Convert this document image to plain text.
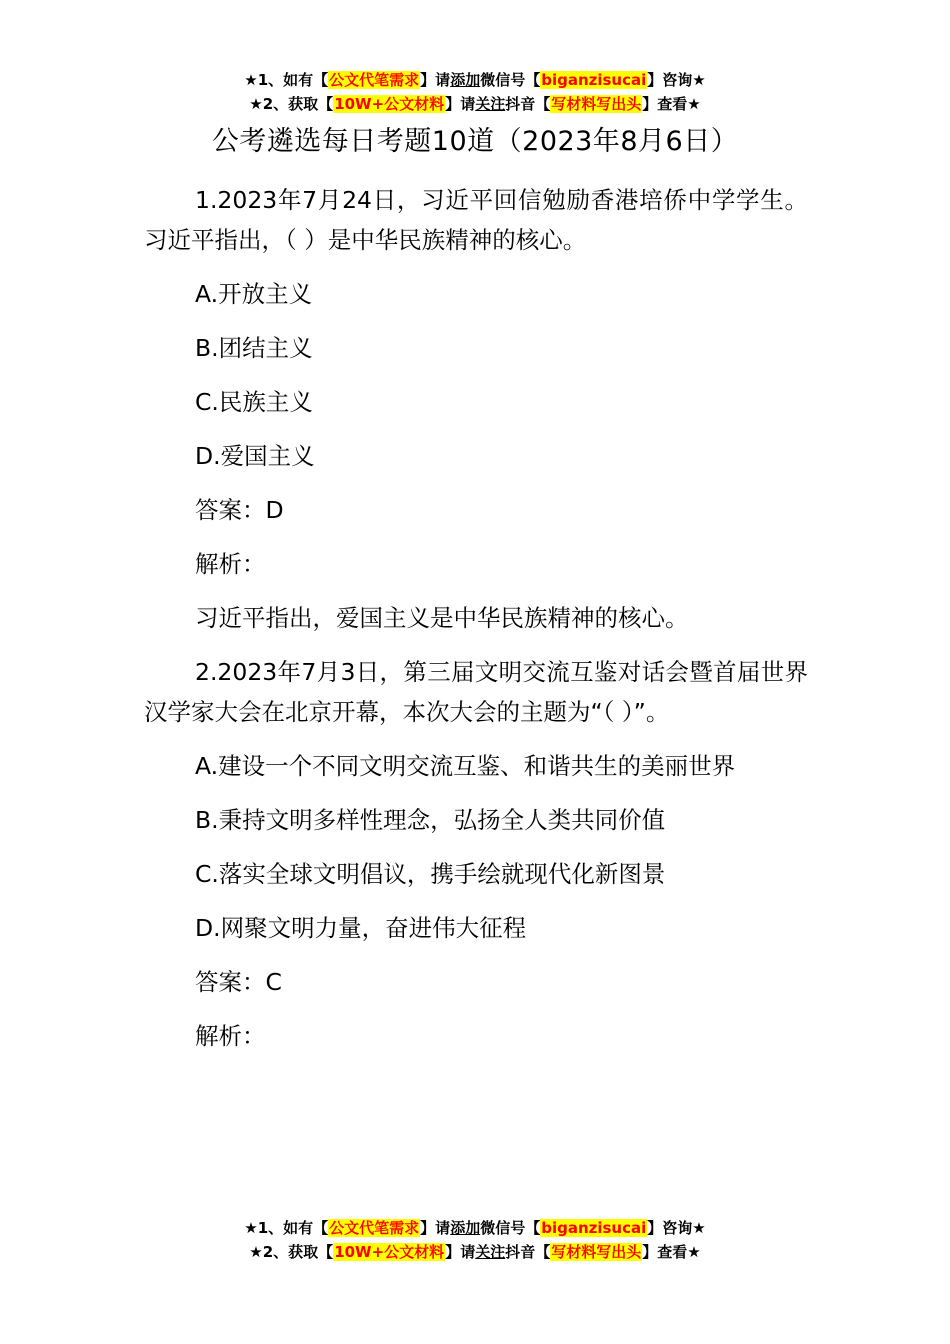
★1、如有【公文代笔需求】请添加微信号【biganzisucai】咨询★
★2、获取【10W+公文材料】请关注抖音【写材料写出头】查看★
公考遴选每日考题10道（2023年8月6日）

1.2023年7月24日，习近平回信勉励香港培侨中学学生。习近平指出，（ ）是中华民族精神的核心。

A.开放主义

B.团结主义

C.民族主义

D.爱国主义

答案：D

解析：

习近平指出，爱国主义是中华民族精神的核心。

2.2023年7月3日，第三届文明交流互鉴对话会暨首届世界汉学家大会在北京开幕，本次大会的主题为“（ ）”。

A.建设一个不同文明交流互鉴、和谐共生的美丽世界

B.秉持文明多样性理念，弘扬全人类共同价值

C.落实全球文明倡议，携手绘就现代化新图景

D.网聚文明力量，奋进伟大征程

答案：C

解析：

★1、如有【公文代笔需求】请添加微信号【biganzisucai】咨询★
★2、获取【10W+公文材料】请关注抖音【写材料写出头】查看★
